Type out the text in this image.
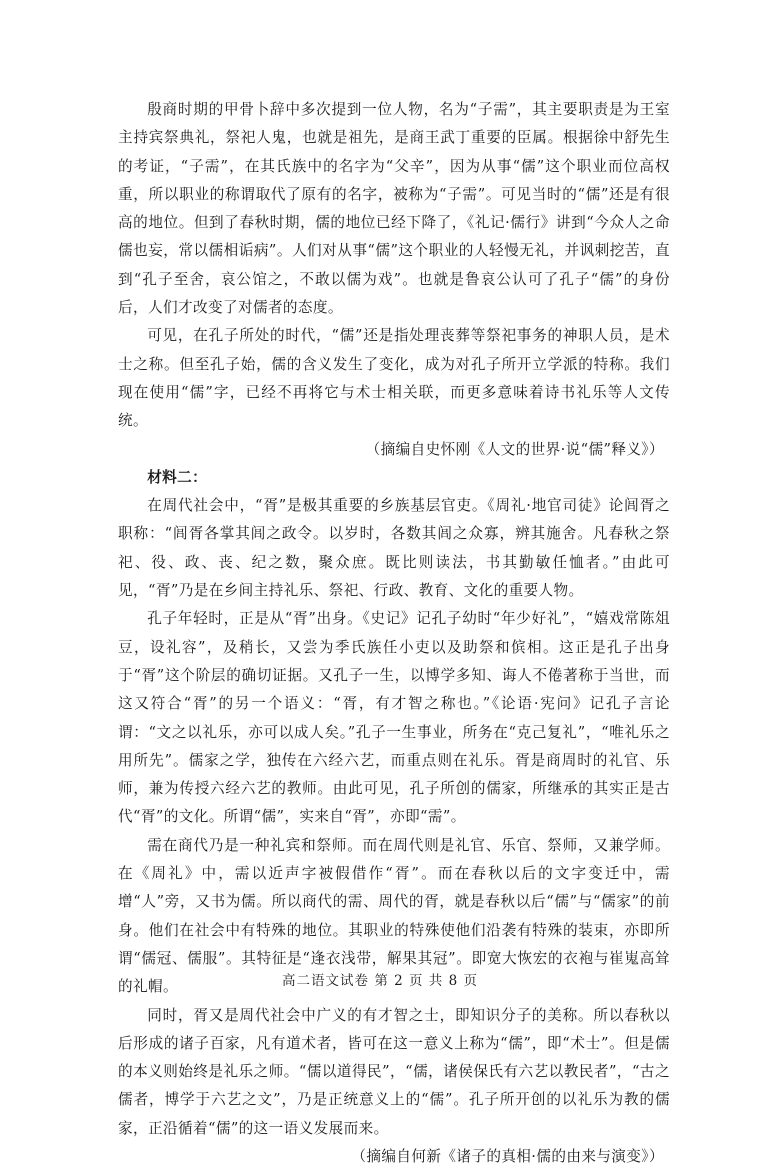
殷商时期的甲骨卜辞中多次提到一位人物，名为“子需”，其主要职责是为王室主持宾祭典礼，祭祀人鬼，也就是祖先，是商王武丁重要的臣属。根据徐中舒先生的考证，“子需”，在其氏族中的名字为“父辛”，因为从事“儒”这个职业而位高权重，所以职业的称谓取代了原有的名字，被称为“子需”。可见当时的“儒”还是有很高的地位。但到了春秋时期，儒的地位已经下降了，《礼记·儒行》讲到“今众人之命儒也妄，常以儒相诟病”。人们对从事“儒”这个职业的人轻慢无礼，并讽刺挖苦，直到“孔子至舍，哀公馆之，不敢以儒为戏”。也就是鲁哀公认可了孔子“儒”的身份后，人们才改变了对儒者的态度。

可见，在孔子所处的时代，“儒”还是指处理丧葬等祭祀事务的神职人员，是术士之称。但至孔子始，儒的含义发生了变化，成为对孔子所开立学派的特称。我们现在使用“儒”字，已经不再将它与术士相关联，而更多意味着诗书礼乐等人文传统。

（摘编自史怀刚《人文的世界·说“儒”释义》）

材料二：

在周代社会中，“胥”是极其重要的乡族基层官吏。《周礼·地官司徒》论闾胥之职称：“闾胥各掌其闾之政令。以岁时，各数其闾之众寡，辨其施舍。凡春秋之祭祀、役、政、丧、纪之数，聚众庶。既比则读法，书其勤敏任恤者。”由此可见，“胥”乃是在乡间主持礼乐、祭祀、行政、教育、文化的重要人物。

孔子年轻时，正是从“胥”出身。《史记》记孔子幼时“年少好礼”，“嬉戏常陈俎豆，设礼容”，及稍长，又尝为季氏族任小吏以及助祭和傧相。这正是孔子出身于“胥”这个阶层的确切证据。又孔子一生，以博学多知、诲人不倦著称于当世，而这又符合“胥”的另一个语义：“胥，有才智之称也。”《论语·宪问》记孔子言论谓：“文之以礼乐，亦可以成人矣。”孔子一生事业，所务在“克己复礼”，“唯礼乐之用所先”。儒家之学，独传在六经六艺，而重点则在礼乐。胥是商周时的礼官、乐师，兼为传授六经六艺的教师。由此可见，孔子所创的儒家，所继承的其实正是古代“胥”的文化。所谓“儒”，实来自“胥”，亦即“需”。

需在商代乃是一种礼宾和祭师。而在周代则是礼官、乐官、祭师，又兼学师。在《周礼》中，需以近声字被假借作“胥”。而在春秋以后的文字变迁中，需增“人”旁，又书为儒。所以商代的需、周代的胥，就是春秋以后“儒”与“儒家”的前身。他们在社会中有特殊的地位。其职业的特殊使他们沿袭有特殊的装束，亦即所谓“儒冠、儒服”。其特征是“逢衣浅带，解果其冠”。即宽大恢宏的衣袍与崔嵬高耸的礼帽。

同时，胥又是周代社会中广义的有才智之士，即知识分子的美称。所以春秋以后形成的诸子百家，凡有道术者，皆可在这一意义上称为“儒”，即“术士”。但是儒的本义则始终是礼乐之师。“儒以道得民”，“儒，诸侯保氏有六艺以教民者”，“古之儒者，博学于六艺之文”，乃是正统意义上的“儒”。孔子所开创的以礼乐为教的儒家，正沿循着“儒”的这一语义发展而来。

（摘编自何新《诸子的真相·儒的由来与演变》）

高二语文试卷 第 2 页 共 8 页
